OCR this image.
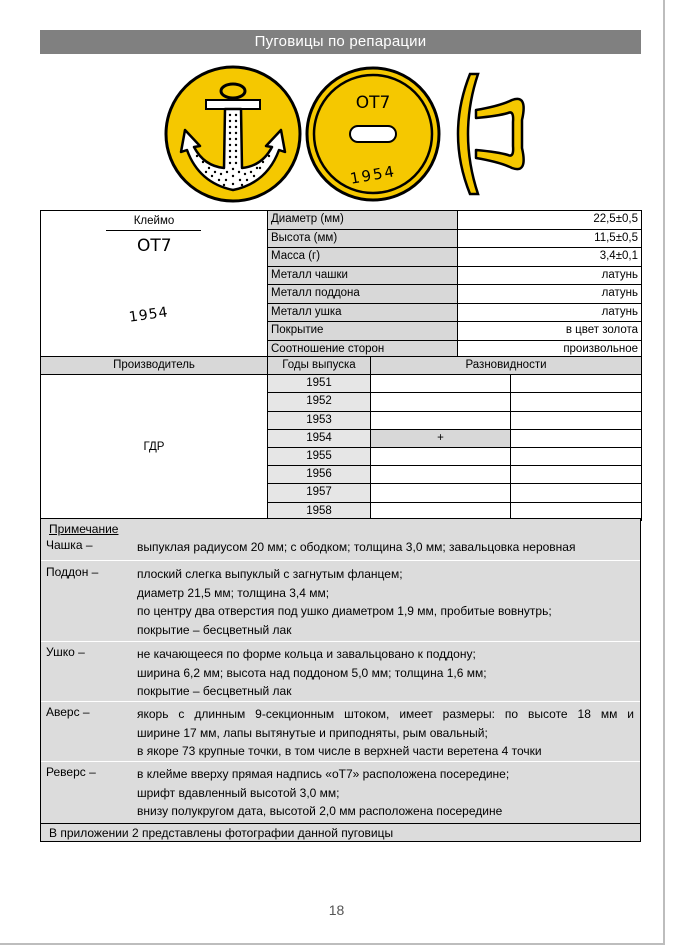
Пуговицы по репарации
ОТ7
1954
Клеймо
ОТ7
1954	Диаметр (мм)	22,5±0,5
	Высота (мм)	11,5±0,5
	Масса (г)	3,4±0,1
	Металл чашки	латунь
	Металл поддона	латунь
	Металл ушка	латунь
	Покрытие	в цвет золота
	Соотношение сторон	произвольное
Производитель	Годы выпуска	Разновидности	
ГДР	1951		
	1952		
	1953		
	1954	+	
	1955		
	1956		
	1957		
	1958		
Примечание
Чашка –	выпуклая радиусом 20 мм; с ободком; толщина 3,0 мм; завальцовка неровная
Поддон –	плоский слегка выпуклый с загнутым фланцем;
диаметр 21,5 мм; толщина 3,4 мм;
по центру два отверстия под ушко диаметром 1,9 мм, пробитые вовнутрь;
покрытие – бесцветный лак
Ушко –	не качающееся по форме кольца и завальцовано к поддону;
ширина 6,2 мм; высота над поддоном 5,0 мм; толщина 1,6 мм;
покрытие – бесцветный лак
Аверс –	якорь с длинным 9-секционным штоком, имеет размеры: по высоте 18 мм и
ширине 17 мм, лапы вытянутые и приподняты, рым овальный;
в якоре 73 крупные точки, в том числе в верхней части веретена 4 точки
Реверс –	в клейме вверху прямая надпись «оТ7» расположена посередине;
шрифт вдавленный высотой 3,0 мм;
внизу полукругом дата, высотой 2,0 мм расположена посередине
В приложении 2 представлены фотографии данной пуговицы
18
